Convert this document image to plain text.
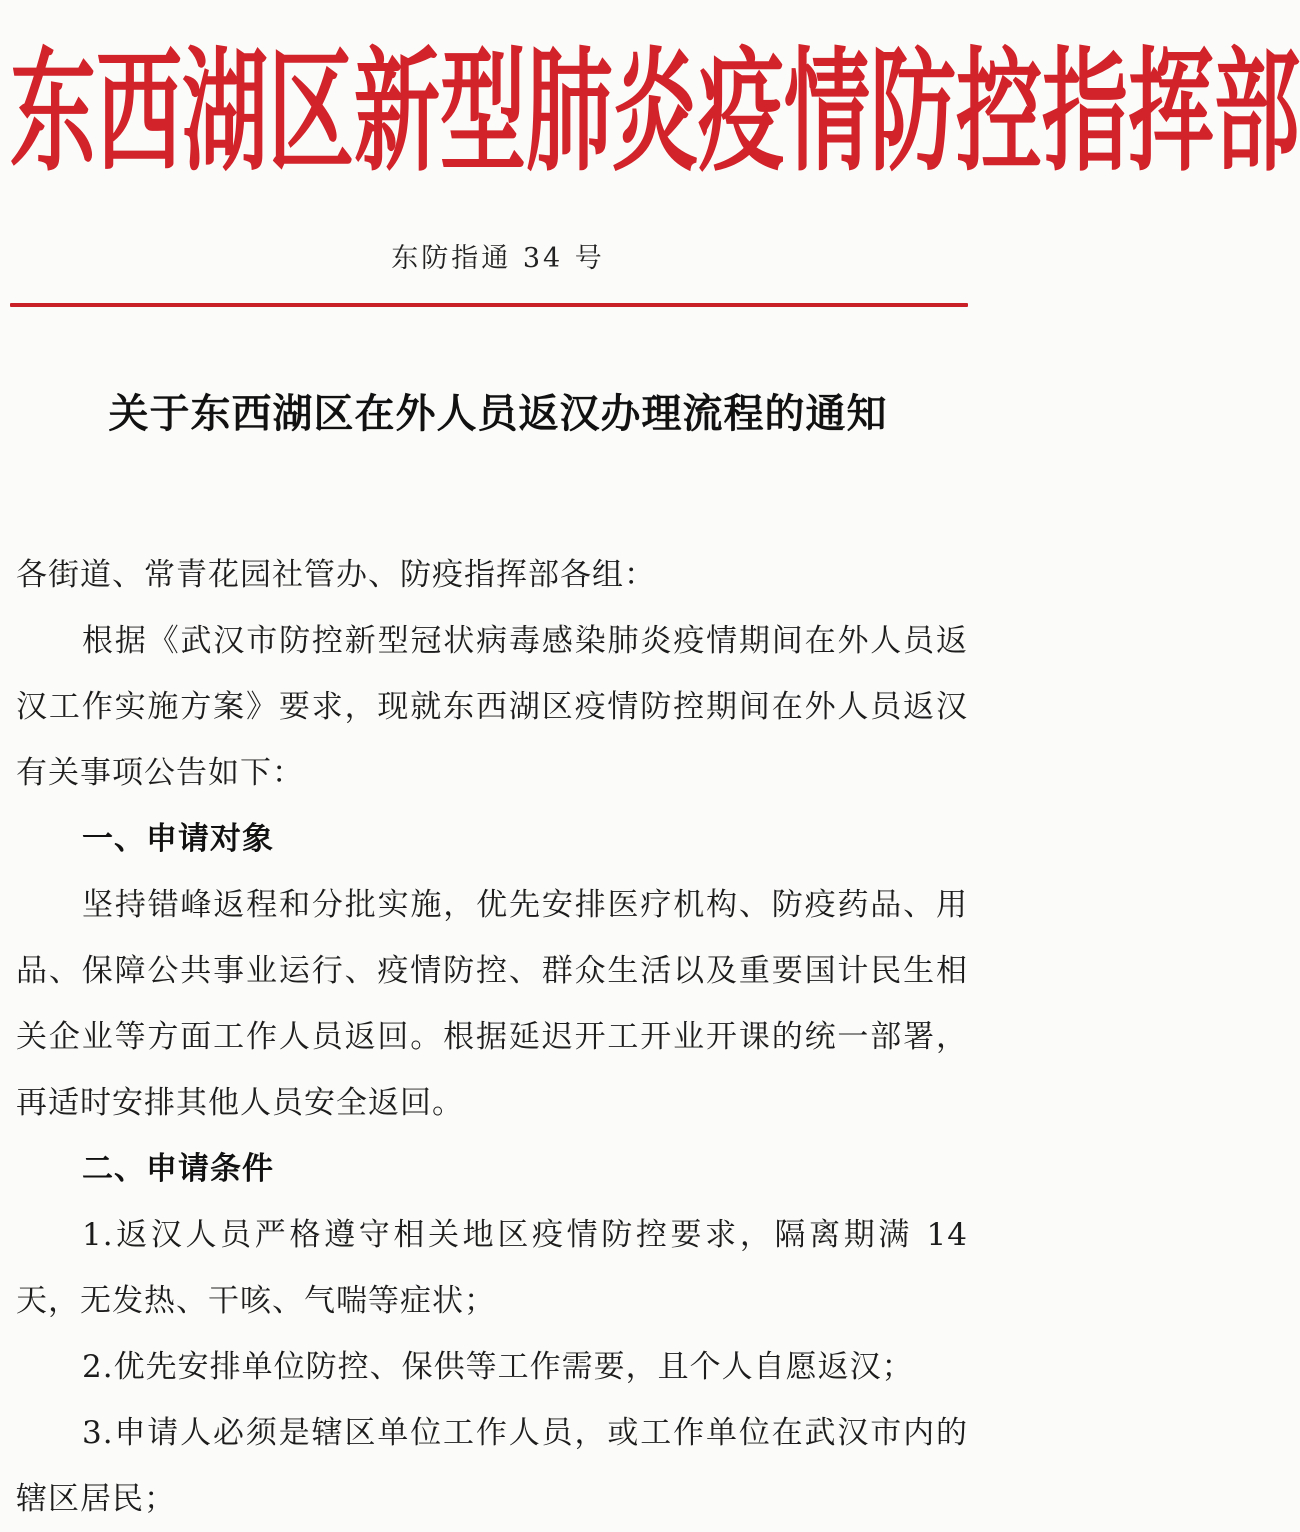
东 西 湖 区 新 型 肺 炎 疫 情 防 控 指 挥 部
东防指通 34 号
关于东西湖区在外人员返汉办理流程的通知

各街道、常青花园社管办、防疫指挥部各组：

根据《武汉市防控新型冠状病毒感染肺炎疫情期间在外人员返汉工作实施方案》要求，现就东西湖区疫情防控期间在外人员返汉有关事项公告如下：

一、申请对象

坚持错峰返程和分批实施，优先安排医疗机构、防疫药品、用品、保障公共事业运行、疫情防控、群众生活以及重要国计民生相关企业等方面工作人员返回。根据延迟开工开业开课的统一部署，再适时安排其他人员安全返回。

二、申请条件

1.返汉人员严格遵守相关地区疫情防控要求，隔离期满 14 天，无发热、干咳、气喘等症状；

2.优先安排单位防控、保供等工作需要，且个人自愿返汉；

3.申请人必须是辖区单位工作人员，或工作单位在武汉市内的辖区居民；
